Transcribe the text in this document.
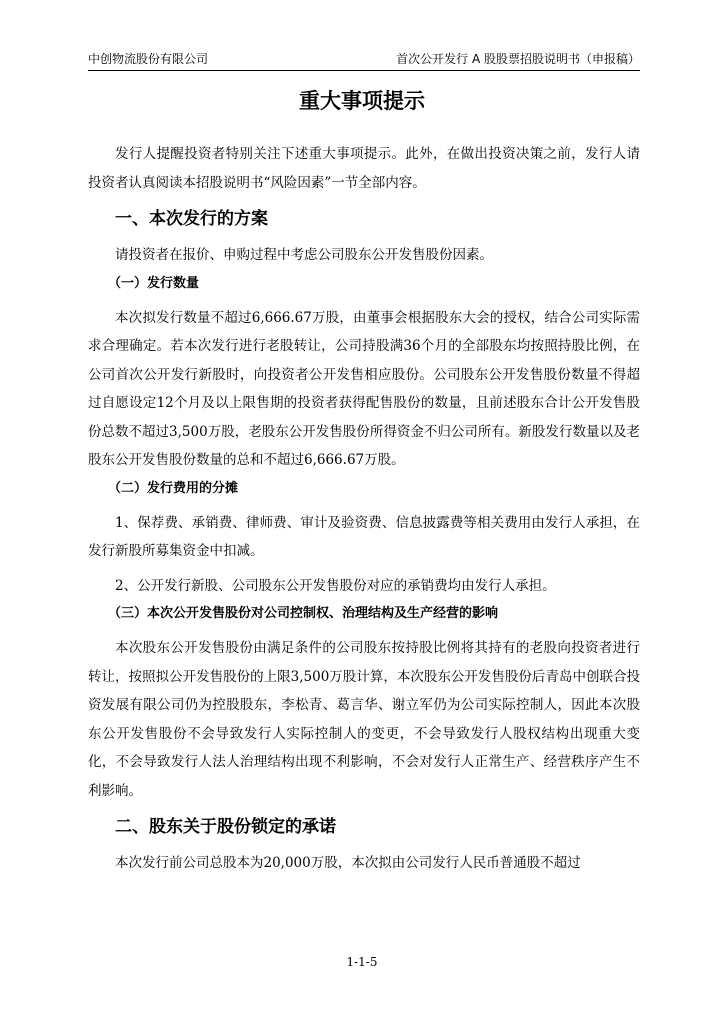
中创物流股份有限公司	首次公开发行 A 股股票招股说明书（申报稿）
重大事项提示

发行人提醒投资者特别关注下述重大事项提示。此外，在做出投资决策之前，发行人请投资者认真阅读本招股说明书“风险因素”一节全部内容。

一、本次发行的方案

请投资者在报价、申购过程中考虑公司股东公开发售股份因素。

（一）发行数量

本次拟发行数量不超过6,666.67万股，由董事会根据股东大会的授权，结合公司实际需求合理确定。若本次发行进行老股转让，公司持股满36个月的全部股东均按照持股比例，在公司首次公开发行新股时，向投资者公开发售相应股份。公司股东公开发售股份数量不得超过自愿设定12个月及以上限售期的投资者获得配售股份的数量，且前述股东合计公开发售股份总数不超过3,500万股，老股东公开发售股份所得资金不归公司所有。新股发行数量以及老股东公开发售股份数量的总和不超过6,666.67万股。

（二）发行费用的分摊

1、保荐费、承销费、律师费、审计及验资费、信息披露费等相关费用由发行人承担，在发行新股所募集资金中扣减。

2、公开发行新股、公司股东公开发售股份对应的承销费均由发行人承担。

（三）本次公开发售股份对公司控制权、治理结构及生产经营的影响

本次股东公开发售股份由满足条件的公司股东按持股比例将其持有的老股向投资者进行转让，按照拟公开发售股份的上限3,500万股计算，本次股东公开发售股份后青岛中创联合投资发展有限公司仍为控股股东，李松青、葛言华、谢立军仍为公司实际控制人，因此本次股东公开发售股份不会导致发行人实际控制人的变更，不会导致发行人股权结构出现重大变化，不会导致发行人法人治理结构出现不利影响，不会对发行人正常生产、经营秩序产生不利影响。

二、股东关于股份锁定的承诺

本次发行前公司总股本为20,000万股，本次拟由公司发行人民币普通股不超过

1-1-5
